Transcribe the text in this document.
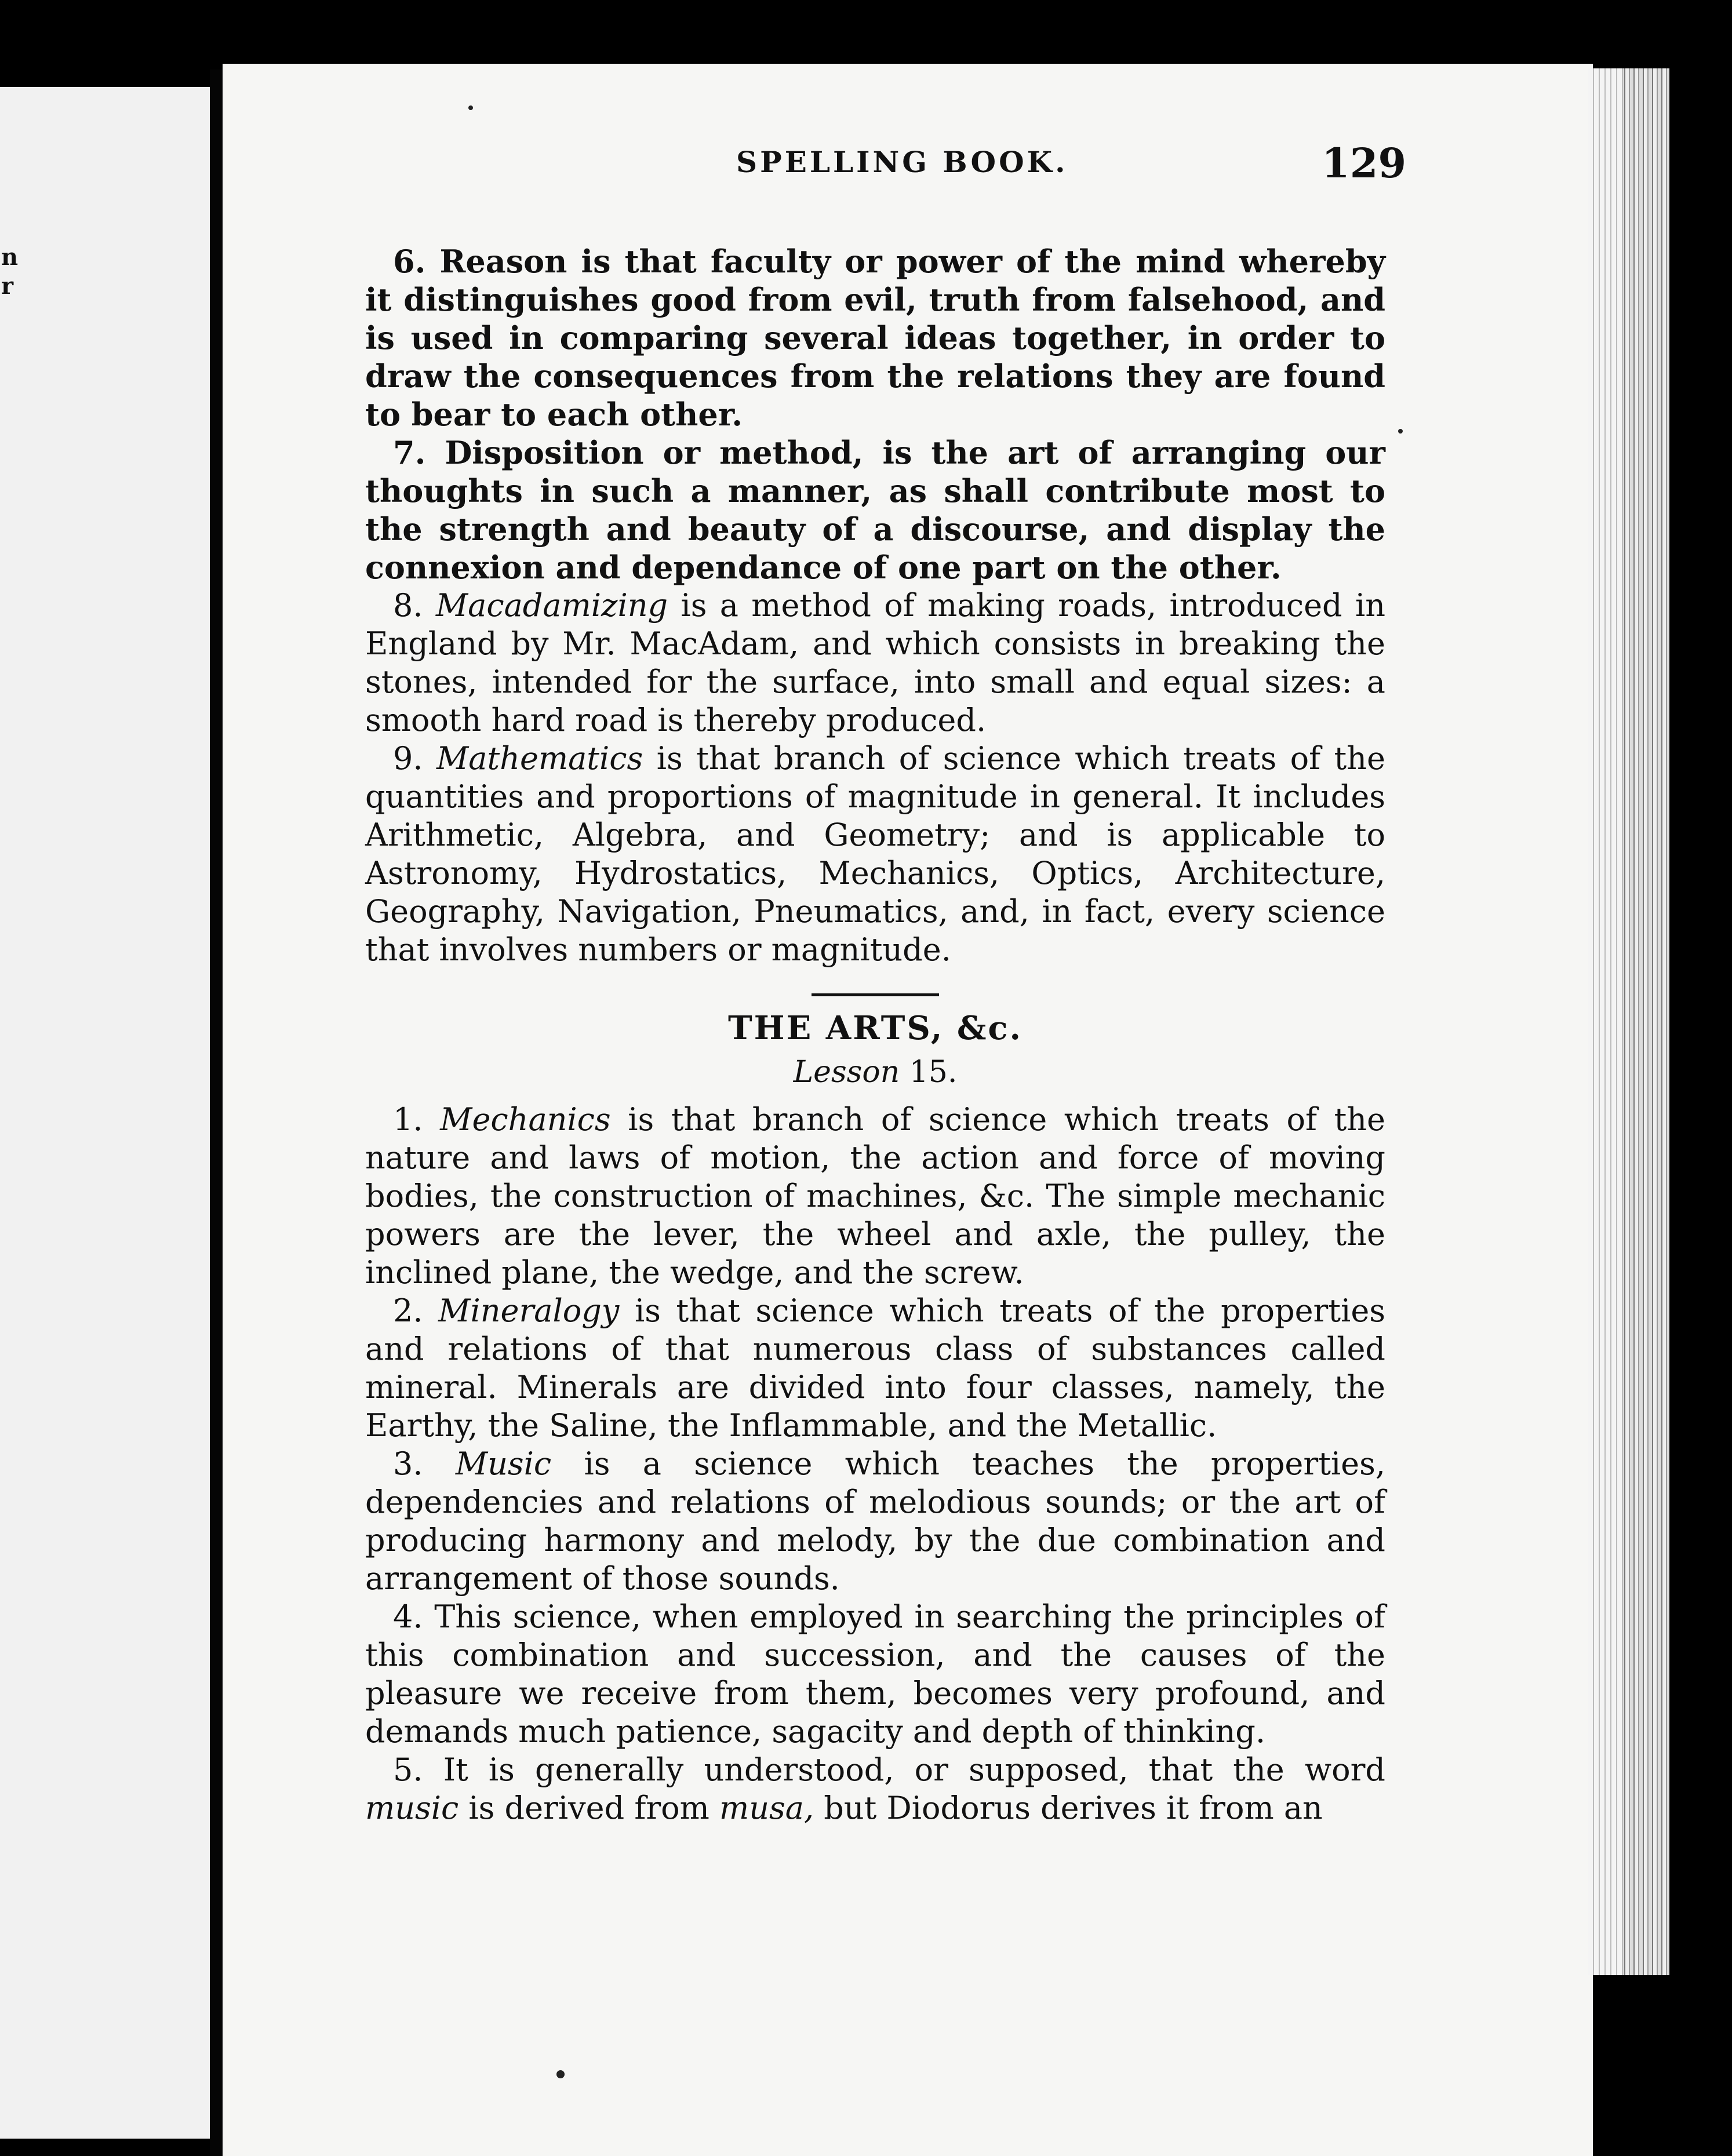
n
r
SPELLING BOOK.	129

6. Reason is that faculty or power of the mind whereby it distinguishes good from evil, truth from falsehood, and is used in comparing several ideas together, in order to draw the consequences from the relations they are found to bear to each other.

7. Disposition or method, is the art of arranging our thoughts in such a manner, as shall contribute most to the strength and beauty of a discourse, and display the connexion and dependance of one part on the other.

8. Macadamizing is a method of making roads, introduced in England by Mr. MacAdam, and which consists in breaking the stones, intended for the surface, into small and equal sizes: a smooth hard road is thereby produced.

9. Mathematics is that branch of science which treats of the quantities and proportions of magnitude in general. It includes Arithmetic, Algebra, and Geometry; and is applicable to Astronomy, Hydrostatics, Mechanics, Optics, Architecture, Geography, Navigation, Pneumatics, and, in fact, every science that involves numbers or magnitude.

THE ARTS, &c.
Lesson 15.

1. Mechanics is that branch of science which treats of the nature and laws of motion, the action and force of moving bodies, the construction of machines, &c. The simple mechanic powers are the lever, the wheel and axle, the pulley, the inclined plane, the wedge, and the screw.

2. Mineralogy is that science which treats of the properties and relations of that numerous class of substances called mineral. Minerals are divided into four classes, namely, the Earthy, the Saline, the Inflammable, and the Metallic.

3. Music is a science which teaches the properties, dependencies and relations of melodious sounds; or the art of producing harmony and melody, by the due combination and arrangement of those sounds.

4. This science, when employed in searching the principles of this combination and succession, and the causes of the pleasure we receive from them, becomes very profound, and demands much patience, sagacity and depth of thinking.

5. It is generally understood, or supposed, that the word music is derived from musa, but Diodorus derives it from an
